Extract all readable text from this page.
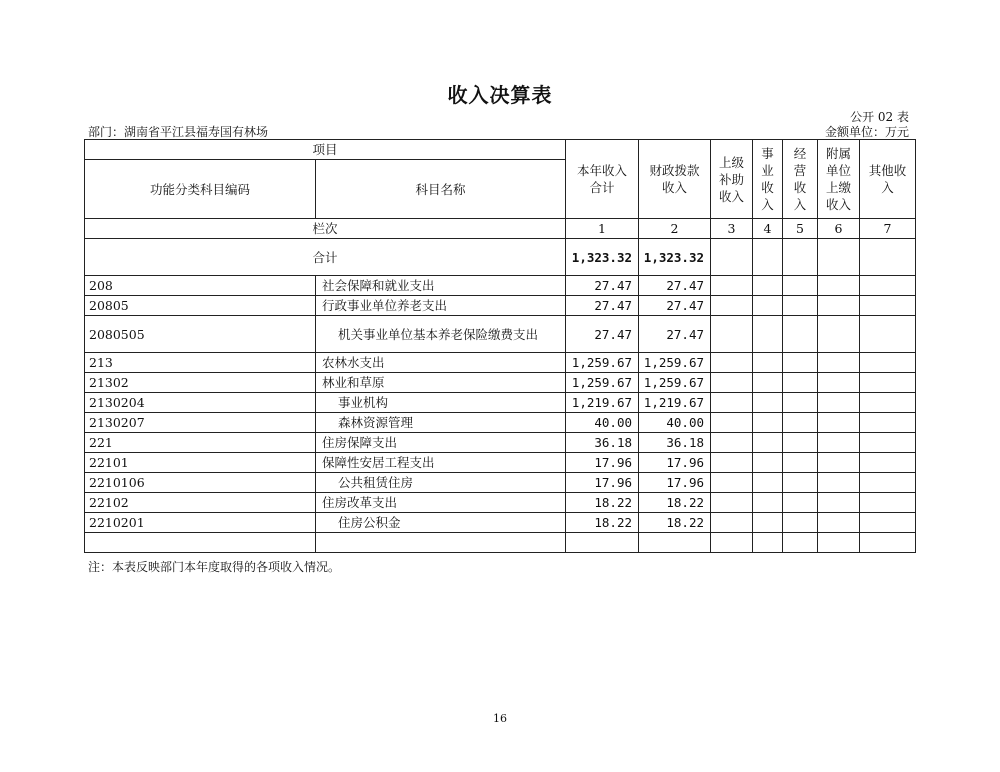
收入决算表
公开 02 表
部门：湖南省平江县福寿国有林场	金额单位：万元
项目		本年收入合计	财政拨款收入	上级补助收入	事业收入	经营收入	附属单位上缴收入	其他收入

功能分类科目编码	科目名称							
栏次		1	2	3	4	5	6	7
合计		1,323.32	1,323.32					
208	社会保障和就业支出	27.47	27.47					
20805	行政事业单位养老支出	27.47	27.47					
2080505	机关事业单位基本养老保险缴费支出	27.47	27.47					
213	农林水支出	1,259.67	1,259.67					
21302	林业和草原	1,259.67	1,259.67					
2130204	事业机构	1,219.67	1,219.67					
2130207	森林资源管理	40.00	40.00					
221	住房保障支出	36.18	36.18					
22101	保障性安居工程支出	17.96	17.96					
2210106	公共租赁住房	17.96	17.96					
22102	住房改革支出	18.22	18.22					
2210201	住房公积金	18.22	18.22					

注：本表反映部门本年度取得的各项收入情况。
16
